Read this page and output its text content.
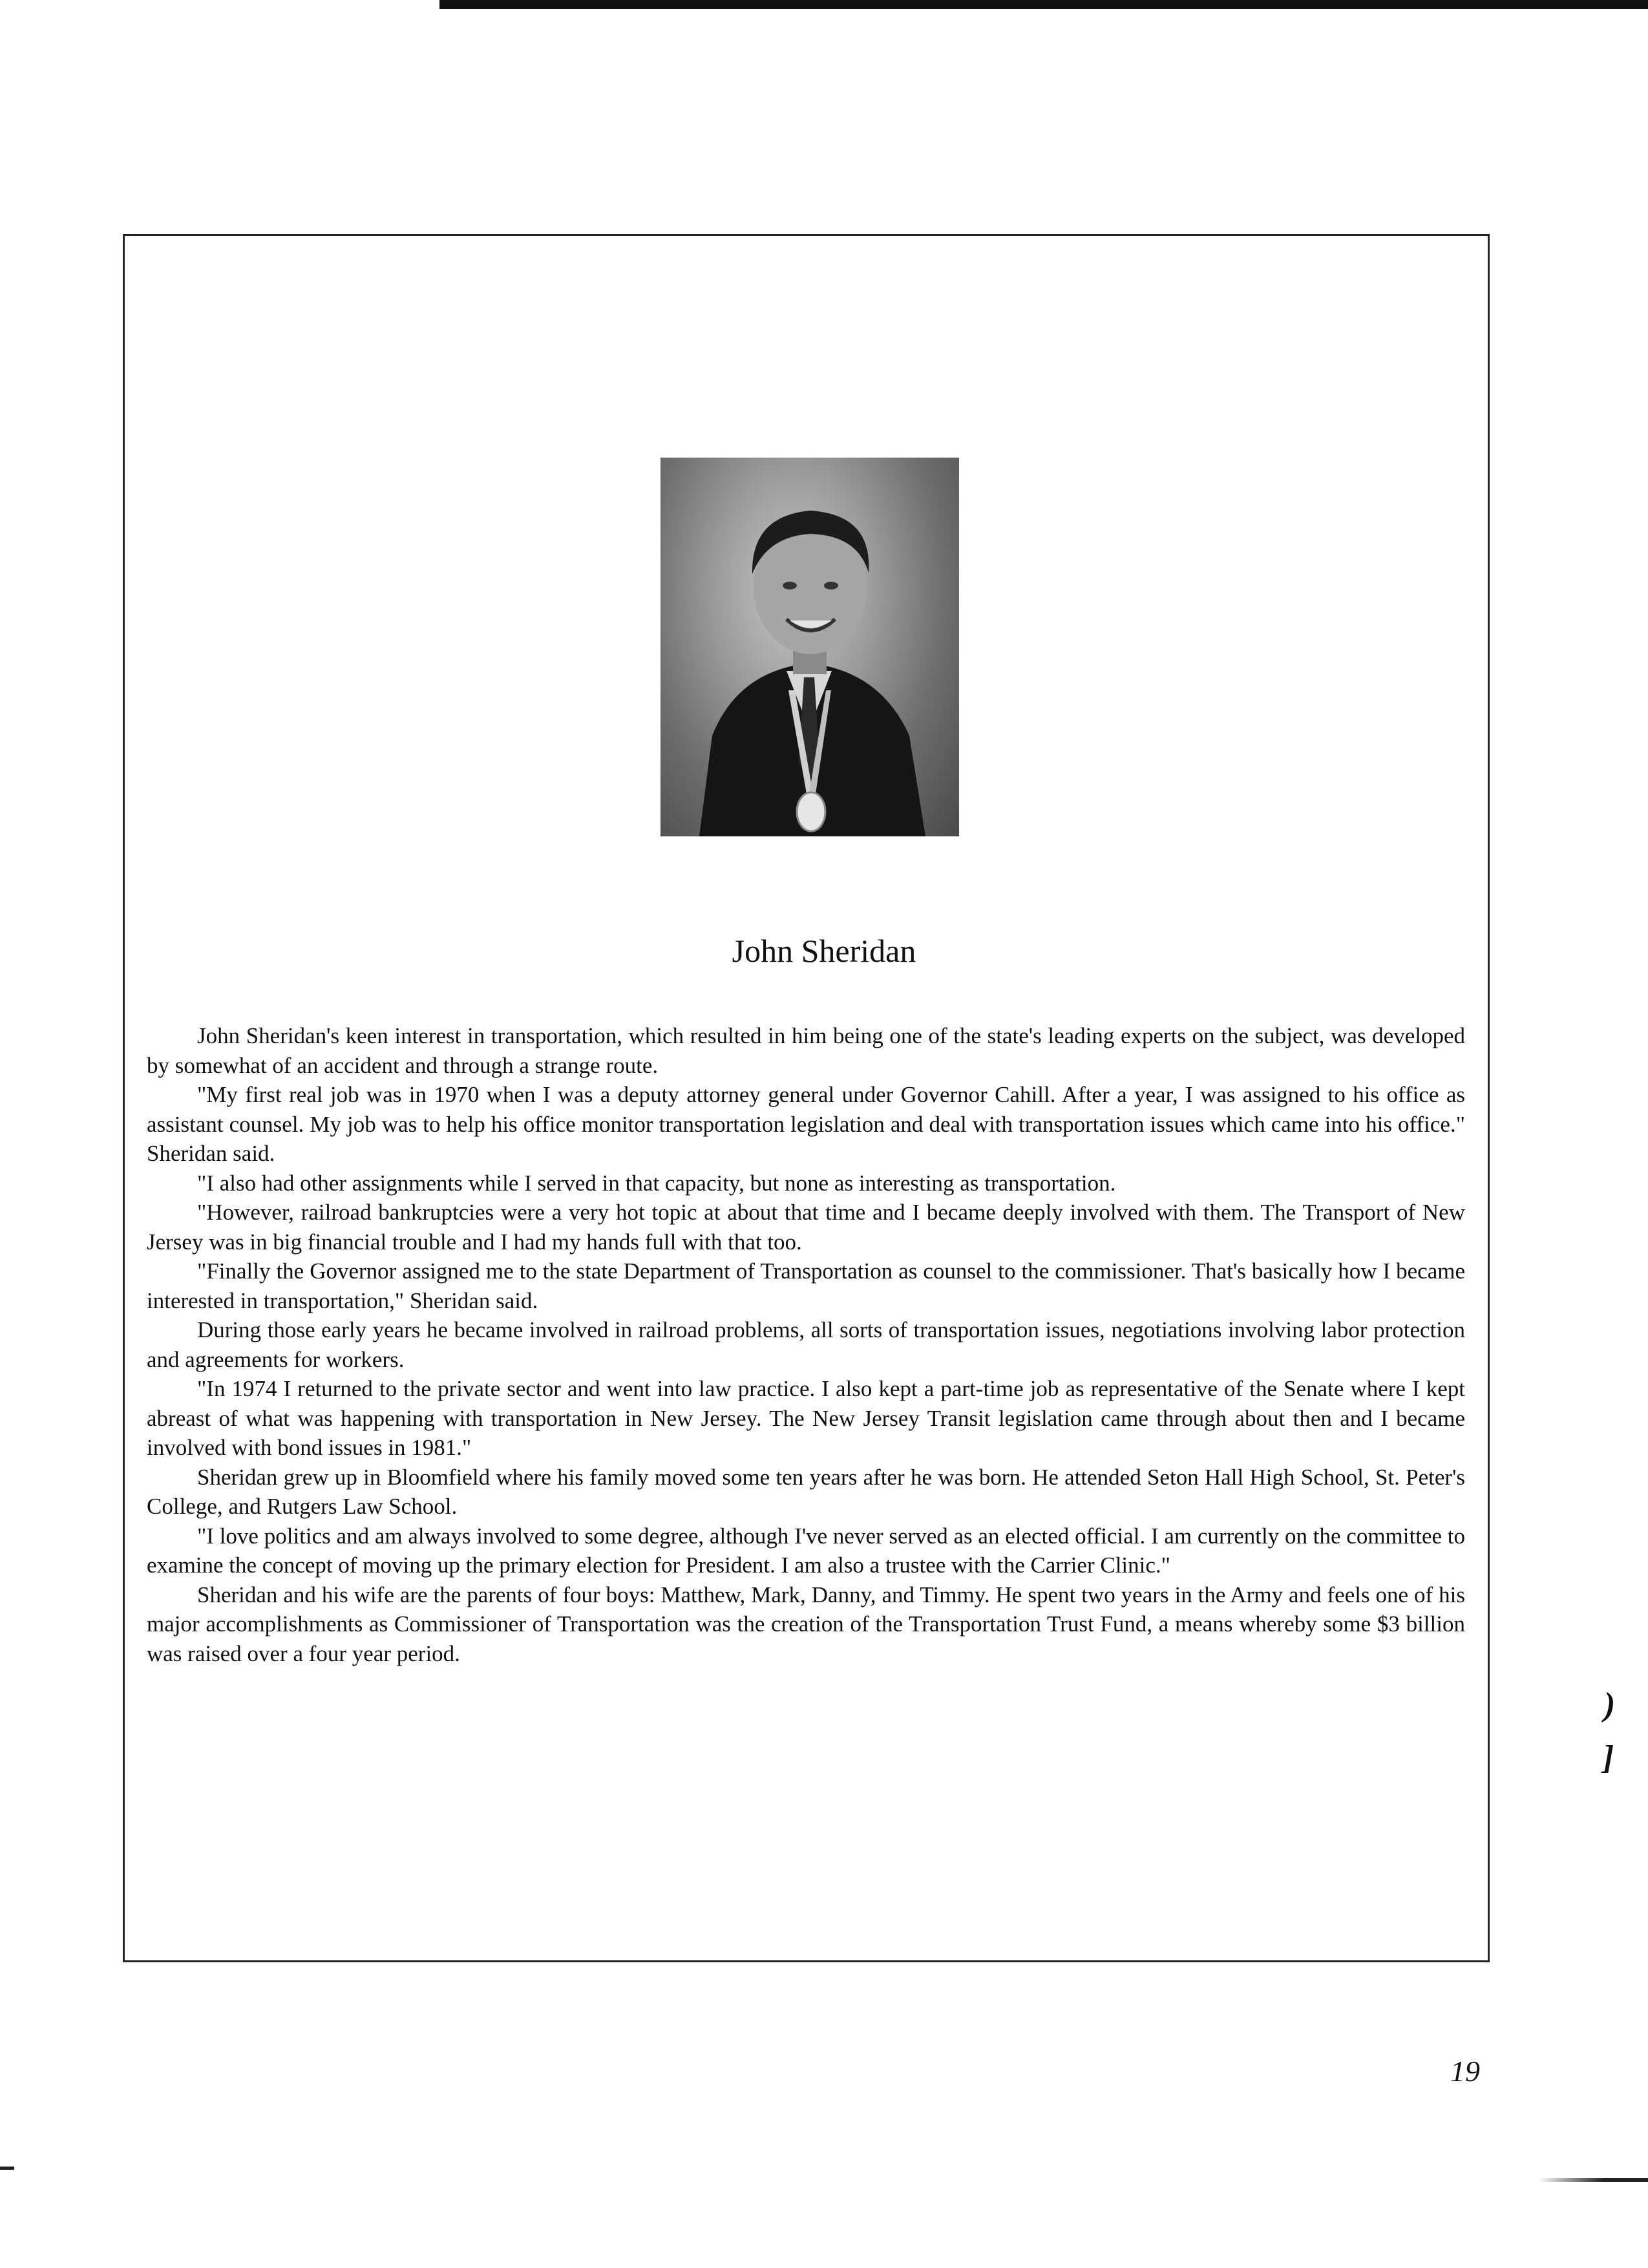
John Sheridan

John Sheridan's keen interest in transportation, which resulted in him being one of the state's leading experts on the subject, was developed by somewhat of an accident and through a strange route.

"My first real job was in 1970 when I was a deputy attorney general under Governor Cahill. After a year, I was assigned to his office as assistant counsel. My job was to help his office monitor transportation legislation and deal with transportation issues which came into his office." Sheridan said.

"I also had other assignments while I served in that capacity, but none as interesting as transportation.

"However, railroad bankruptcies were a very hot topic at about that time and I became deeply involved with them. The Transport of New Jersey was in big financial trouble and I had my hands full with that too.

"Finally the Governor assigned me to the state Department of Transportation as counsel to the commissioner. That's basically how I became interested in transportation," Sheridan said.

During those early years he became involved in railroad problems, all sorts of transportation issues, negotiations involving labor protection and agreements for workers.

"In 1974 I returned to the private sector and went into law practice. I also kept a part-time job as representative of the Senate where I kept abreast of what was happening with transportation in New Jersey. The New Jersey Transit legislation came through about then and I became involved with bond issues in 1981."

Sheridan grew up in Bloomfield where his family moved some ten years after he was born. He attended Seton Hall High School, St. Peter's College, and Rutgers Law School.

"I love politics and am always involved to some degree, although I've never served as an elected official. I am currently on the committee to examine the concept of moving up the primary election for President. I am also a trustee with the Carrier Clinic."

Sheridan and his wife are the parents of four boys: Matthew, Mark, Danny, and Timmy. He spent two years in the Army and feels one of his major accomplishments as Commissioner of Transportation was the creation of the Transportation Trust Fund, a means whereby some $3 billion was raised over a four year period.

)
]
19
